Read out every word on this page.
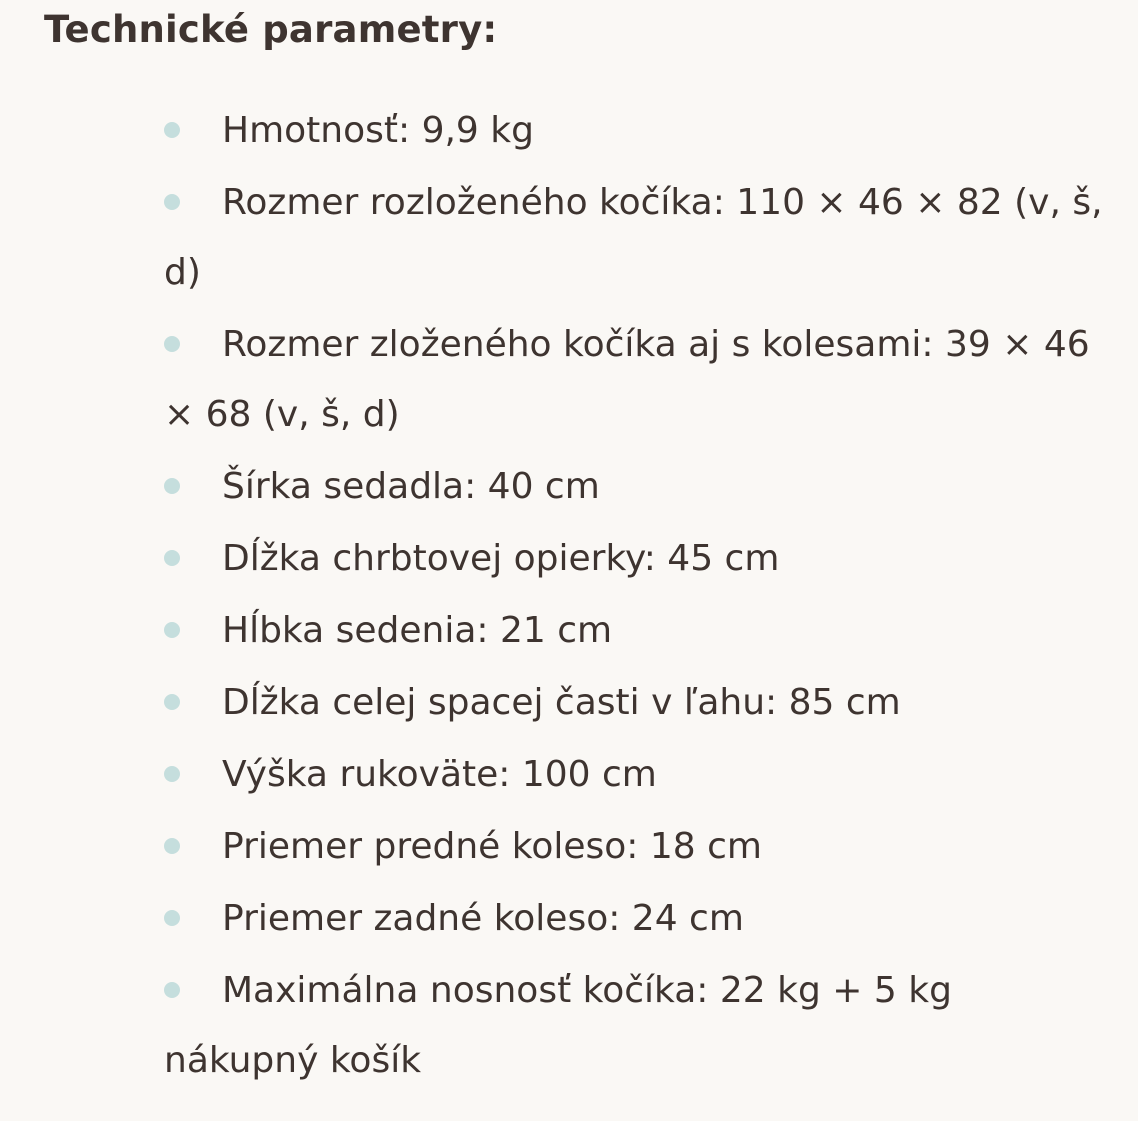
Technické parametry:
Hmotnosť: 9,9 kg
Rozmer rozloženého kočíka: 110 × 46 × 82 (v, š, d)
Rozmer zloženého kočíka aj s kolesami: 39 × 46 × 68 (v, š, d)
Šírka sedadla: 40 cm
Dĺžka chrbtovej opierky: 45 cm
Hĺbka sedenia: 21 cm
Dĺžka celej spacej časti v ľahu: 85 cm
Výška rukoväte: 100 cm
Priemer predné koleso: 18 cm
Priemer zadné koleso: 24 cm
Maximálna nosnosť kočíka: 22 kg + 5 kg nákupný košík
